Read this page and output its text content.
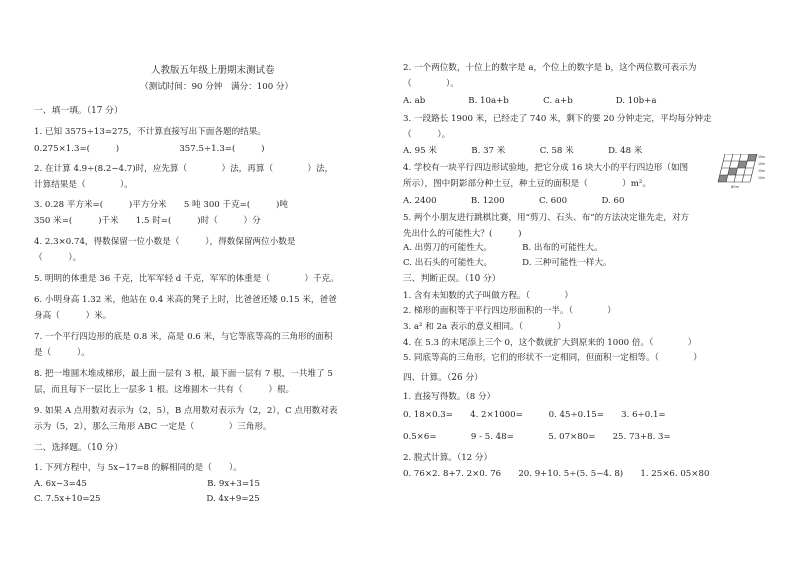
人教版五年级上册期末测试卷
（测试时间：90 分钟　满分：100 分）
一、填一填。（17 分）
1. 已知 3575÷13=275，不计算直接写出下面各题的结果。
0.275×1.3=(　　　)　　　　　　　357.5÷1.3=(　　　)
2. 在计算 4.9÷(8.2−4.7)时，应先算（　　　　）法，再算（　　　　）法，
计算结果是（　　　　）。
3. 0.28 平方米=(　　　)平方分米　　5 吨 300 千克=(　　　)吨
350 米=(　　　)千米　　1.5 时=(　　　)时（　　　）分
4. 2.3×0.74，得数保留一位小数是（　　　），得数保留两位小数是
（　　　）。
5. 明明的体重是 36 千克，比军军轻 d 千克，军军的体重是（　　　　）千克。
6. 小明身高 1.32 米，他站在 0.4 米高的凳子上时，比爸爸还矮 0.15 米，爸爸
身高（　　　）米。
7. 一个平行四边形的底是 0.8 米，高是 0.6 米，与它等底等高的三角形的面积
是（　　　）。
8. 把一堆圆木堆成梯形，最上面一层有 3 根，最下面一层有 7 根，一共堆了 5
层，而且每下一层比上一层多 1 根。这堆圆木一共有（　　　）根。
9. 如果 A 点用数对表示为（2，5），B 点用数对表示为（2，2），C 点用数对表
示为（5，2），那么三角形 ABC 一定是（　　　　）三角形。
二、选择题。（10 分）
1. 下列方程中，与 5x−17=8 的解相同的是（　　）。
A. 6x−3=45　　　　　　　　　　　　　　B. 9x+3=15
C. 7.5x+10=25　　　　　　　　　　　　 D. 4x+9=25
2. 一个两位数，十位上的数字是 a，个位上的数字是 b，这个两位数可表示为
（　　　　）。
A. ab　　　　　B. 10a+b　　　　C. a+b　　　　　D. 10b+a
3. 一段路长 1900 米，已经走了 740 米，剩下的要 20 分钟走完，平均每分钟走
（　　　）。
A. 95 米　　　　B. 37 米　　　　C. 58 米　　　　D. 48 米
4. 学校有一块平行四边形试验地，把它分成 16 块大小的平行四边形（如图
所示），图中阴影部分种土豆，种土豆的面积是（　　　　）m²。
A. 2400　　　　B. 1200　　　　C. 600　　　　D. 60
5. 两个小朋友进行跳棋比赛，用“剪刀、石头、布”的方法决定谁先走，对方
先出什么的可能性大？(　　　)
A. 出剪刀的可能性大。　　　　B. 出布的可能性大。
C. 出石头的可能性大。　　　　D. 三种可能性一样大。
三、判断正误。（10 分）
1. 含有未知数的式子叫做方程。（　　　　）
2. 梯形的面积等于平行四边形面积的一半。（　　　　）
3. a² 和 2a 表示的意义相同。（　　　　）
4. 在 5.3 的末尾添上三个 0，这个数就扩大到原来的 1000 倍。（　　　　）
5. 同底等高的三角形，它们的形状不一定相同，但面积一定相等。（　　　　）
四、计算。（26 分）
1. 直接写得数。（8 分）
0. 18×0.3=　　4. 2×1000=　　　0. 45÷0.15=　　3. 6÷0.1=
0.5×6=　　　　9 - 5. 48=　　　　5. 07×80=　　25. 73+8. 3=
2. 脱式计算。（12 分）
0. 76×2. 8+7. 2×0. 76　　20. 9+10. 5÷(5. 5−4. 8)　　1. 25×6. 05×80
80m
10m
10m
10m
10m
